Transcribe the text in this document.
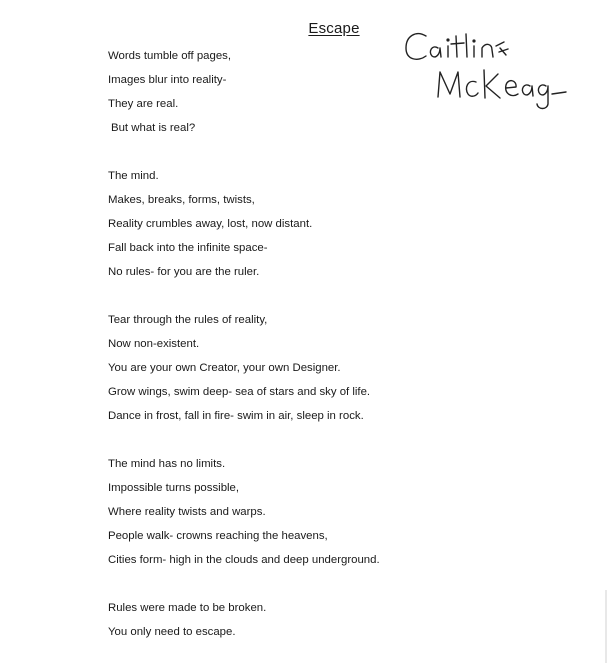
Escape
Words tumble off pages,
Images blur into reality-
They are real.
But what is real?
The mind.
Makes, breaks, forms, twists,
Reality crumbles away, lost, now distant.
Fall back into the infinite space-
No rules- for you are the ruler.
Tear through the rules of reality,
Now non-existent.
You are your own Creator, your own Designer.
Grow wings, swim deep- sea of stars and sky of life.
Dance in frost, fall in fire- swim in air, sleep in rock.
The mind has no limits.
Impossible turns possible,
Where reality twists and warps.
People walk- crowns reaching the heavens,
Cities form- high in the clouds and deep underground.
Rules were made to be broken.
You only need to escape.
